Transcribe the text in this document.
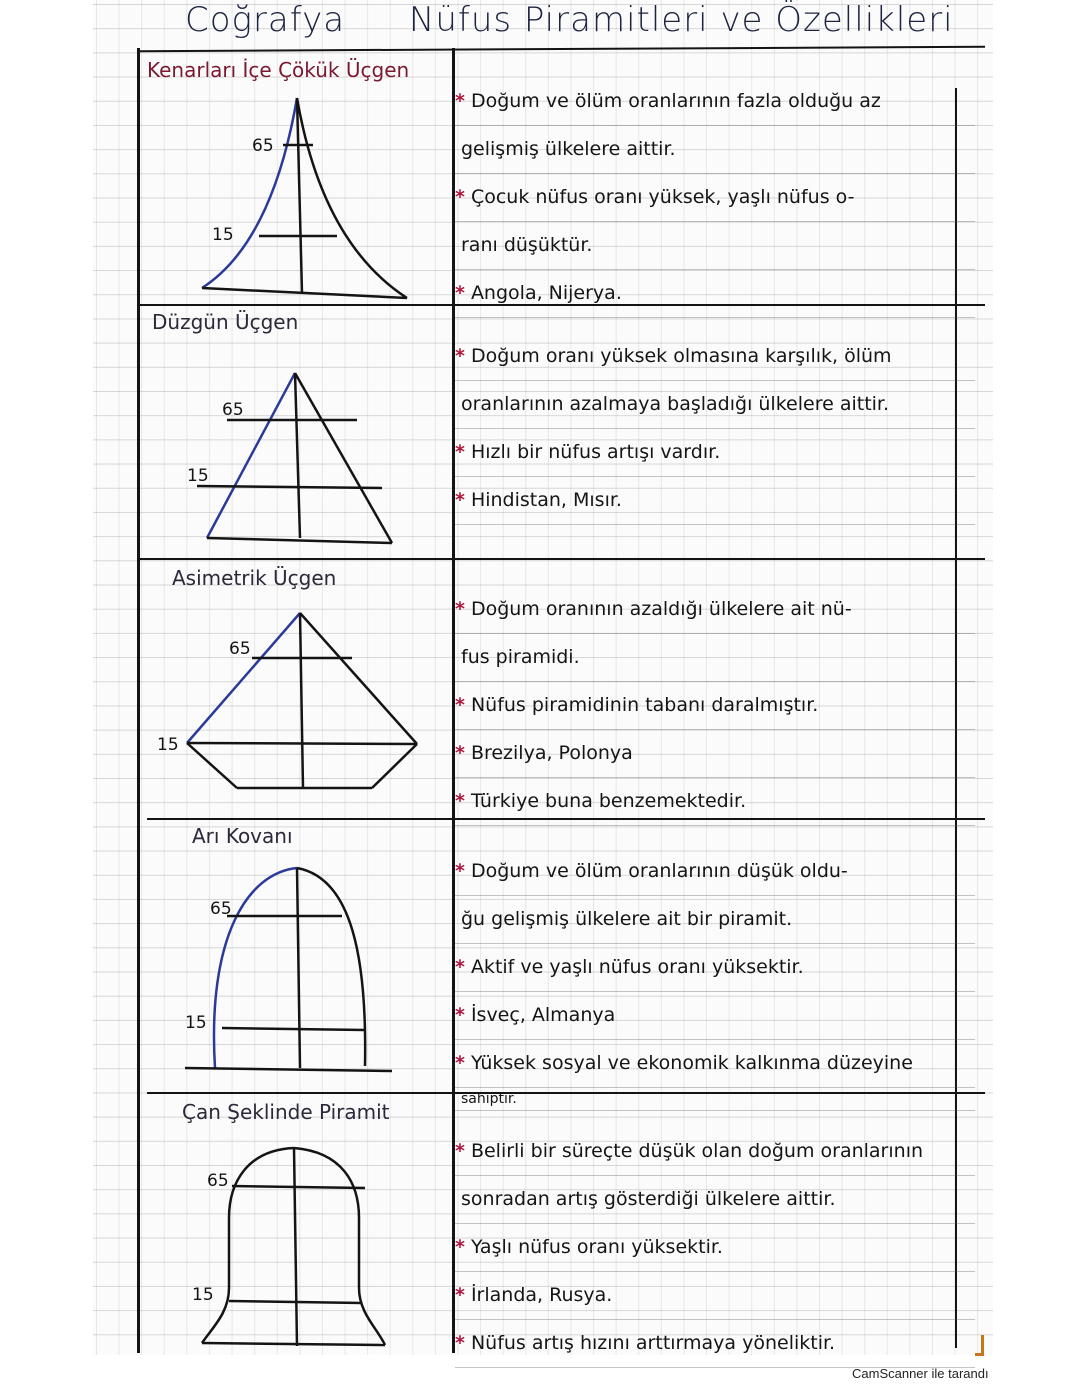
Coğrafya Nüfus Piramitleri ve Özellikleri
Kenarları İçe Çökük Üçgen
65
15
* Doğum ve ölüm oranlarının fazla olduğu az
gelişmiş ülkelere aittir.
* Çocuk nüfus oranı yüksek, yaşlı nüfus o-
ranı düşüktür.
* Angola, Nijerya.
Düzgün Üçgen
65
15
* Doğum oranı yüksek olmasına karşılık, ölüm
oranlarının azalmaya başladığı ülkelere aittir.
* Hızlı bir nüfus artışı vardır.
* Hindistan, Mısır.
Asimetrik Üçgen
65
15
* Doğum oranının azaldığı ülkelere ait nü-
fus piramidi.
* Nüfus piramidinin tabanı daralmıştır.
* Brezilya, Polonya
* Türkiye buna benzemektedir.
Arı Kovanı
65
15
* Doğum ve ölüm oranlarının düşük oldu-
ğu gelişmiş ülkelere ait bir piramit.
* Aktif ve yaşlı nüfus oranı yüksektir.
* İsveç, Almanya
* Yüksek sosyal ve ekonomik kalkınma düzeyine
sahiptir.
Çan Şeklinde Piramit
65
15
* Belirli bir süreçte düşük olan doğum oranlarının
sonradan artış gösterdiği ülkelere aittir.
* Yaşlı nüfus oranı yüksektir.
* İrlanda, Rusya.
* Nüfus artış hızını arttırmaya yöneliktir.
CamScanner ile tarandı
